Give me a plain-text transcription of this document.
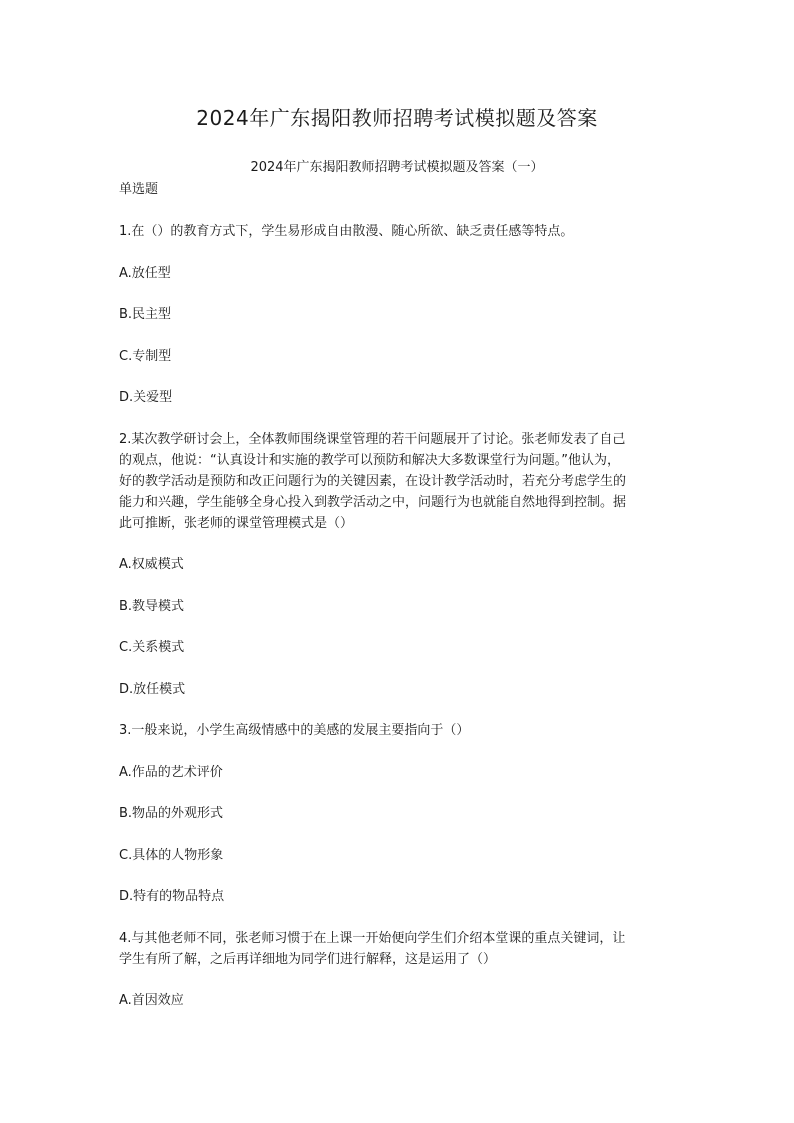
2024年广东揭阳教师招聘考试模拟题及答案
2024年广东揭阳教师招聘考试模拟题及答案（一）
单选题
1.在（）的教育方式下，学生易形成自由散漫、随心所欲、缺乏责任感等特点。
A.放任型
B.民主型
C.专制型
D.关爱型
2.某次教学研讨会上，全体教师围绕课堂管理的若干问题展开了讨论。张老师发表了自己
的观点，他说：“认真设计和实施的教学可以预防和解决大多数课堂行为问题。”他认为，
好的教学活动是预防和改正问题行为的关键因素，在设计教学活动时，若充分考虑学生的
能力和兴趣，学生能够全身心投入到教学活动之中，问题行为也就能自然地得到控制。据
此可推断，张老师的课堂管理模式是（）
A.权威模式
B.教导模式
C.关系模式
D.放任模式
3.一般来说，小学生高级情感中的美感的发展主要指向于（）
A.作品的艺术评价
B.物品的外观形式
C.具体的人物形象
D.特有的物品特点
4.与其他老师不同，张老师习惯于在上课一开始便向学生们介绍本堂课的重点关键词，让
学生有所了解，之后再详细地为同学们进行解释，这是运用了（）
A.首因效应
